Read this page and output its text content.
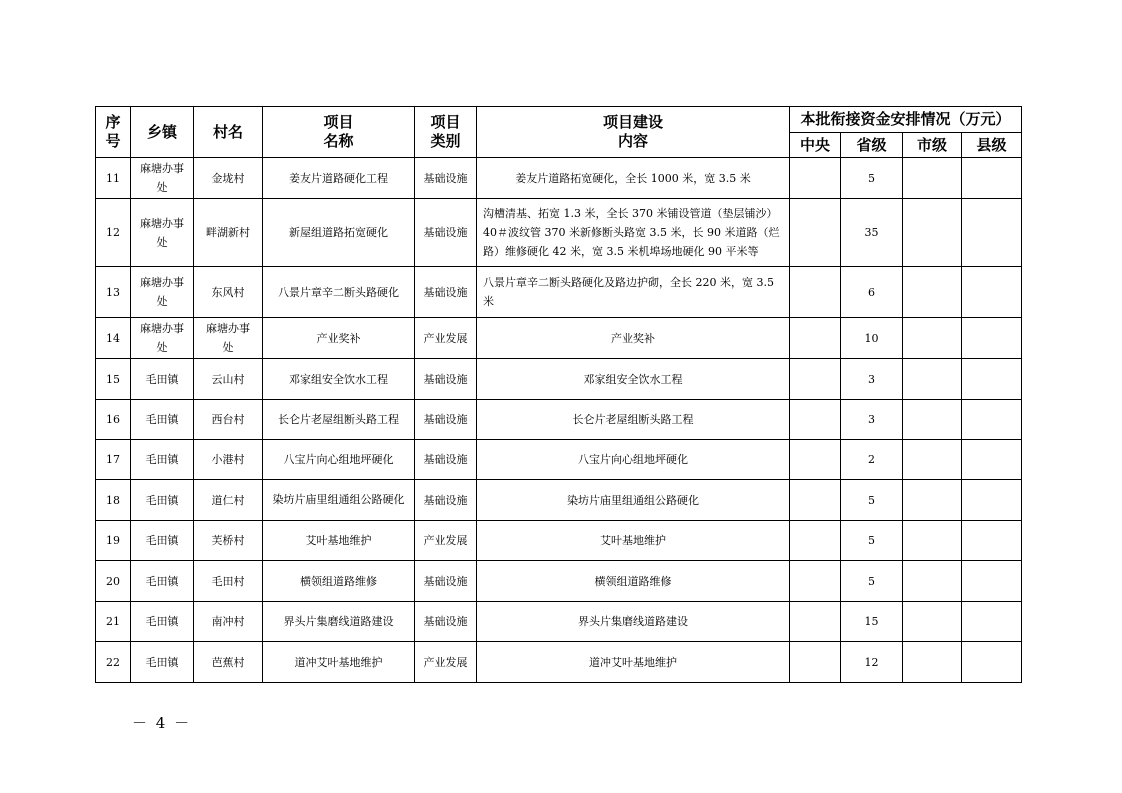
序
号	乡镇	村名	项目
名称	项目
类别	项目建设
内容	本批衔接资金安排情况（万元）			
						中央	省级	市级	县级
11	麻塘办事
处	金垅村	姜友片道路硬化工程	基础设施	姜友片道路拓宽硬化，全长 1000 米，宽 3.5 米		5		
12	麻塘办事
处	畔湖新村	新屋组道路拓宽硬化	基础设施	沟槽清基、拓宽 1.3 米，全长 370 米铺设管道（垫层铺沙）40＃波纹管 370 米新修断头路宽 3.5 米，长 90 米道路（烂路）维修硬化 42 米，宽 3.5 米机埠场地硬化 90 平米等		35		
13	麻塘办事
处	东风村	八景片章辛二断头路硬化	基础设施	八景片章辛二断头路硬化及路边护砌，全长 220 米，宽 3.5 米		6		
14	麻塘办事
处	麻塘办事
处	产业奖补	产业发展	产业奖补		10		
15	毛田镇	云山村	邓家组安全饮水工程	基础设施	邓家组安全饮水工程		3		
16	毛田镇	西台村	长仑片老屋组断头路工程	基础设施	长仑片老屋组断头路工程		3		
17	毛田镇	小港村	八宝片向心组地坪硬化	基础设施	八宝片向心组地坪硬化		2		
18	毛田镇	道仁村	染坊片庙里组通组公路硬化	基础设施	染坊片庙里组通组公路硬化		5		
19	毛田镇	芙桥村	艾叶基地维护	产业发展	艾叶基地维护		5		
20	毛田镇	毛田村	横领组道路维修	基础设施	横领组道路维修		5		
21	毛田镇	南冲村	界头片集磨线道路建设	基础设施	界头片集磨线道路建设		15		
22	毛田镇	芭蕉村	道冲艾叶基地维护	产业发展	道冲艾叶基地维护		12		
－ 4 －
